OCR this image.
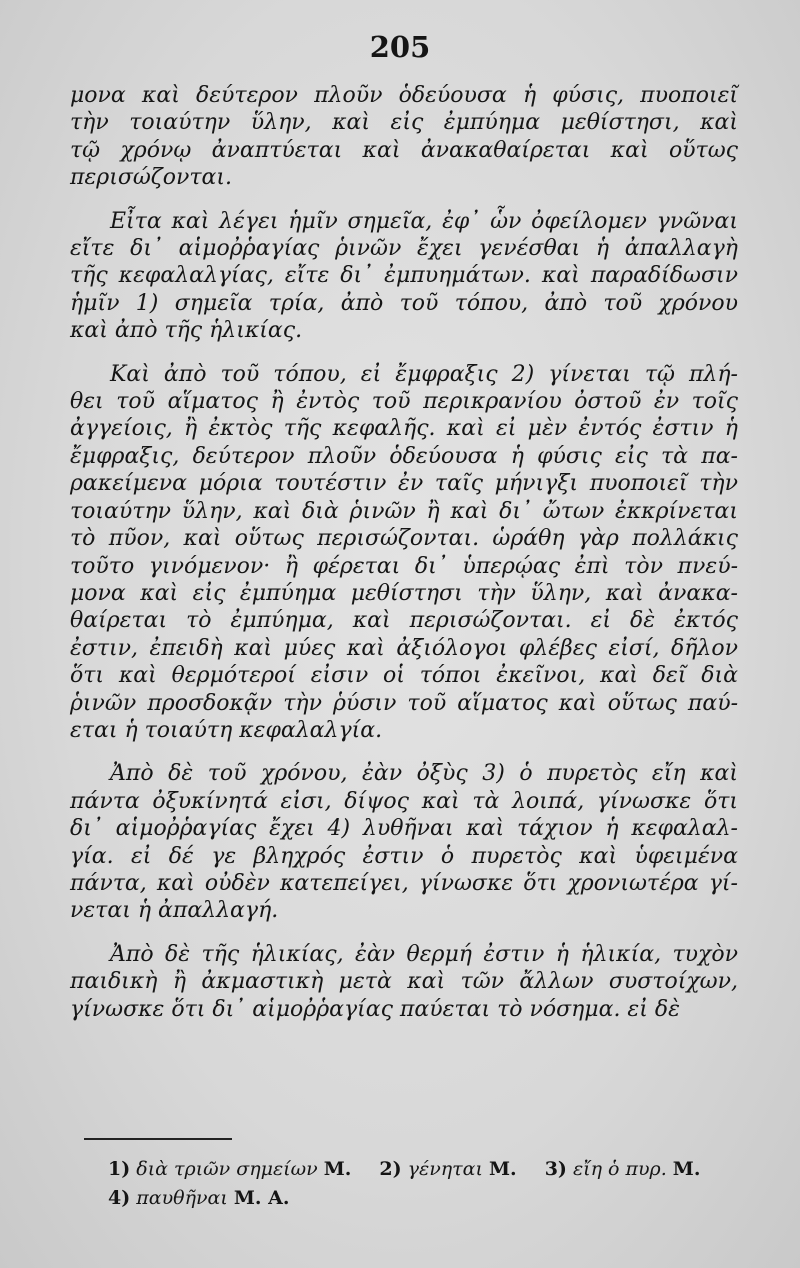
205
μονα καὶ δεύτερον πλοῦν ὁδεύουσα ἡ φύσις, πυοποιεῖ
τὴν τοιαύτην ὕλην, καὶ εἰς ἐμπύημα μεθίστησι, καὶ
τῷ χρόνῳ ἀναπτύεται καὶ ἀνακαθαίρεται καὶ οὕτως
περισώζονται.
Εἶτα καὶ λέγει ἡμῖν σημεῖα, ἐφ᾽ ὧν ὀφείλομεν γνῶναι
εἴτε δι᾽ αἱμοῤῥαγίας ῥινῶν ἔχει γενέσθαι ἡ ἀπαλλαγὴ
τῆς κεφαλαλγίας, εἴτε δι᾽ ἐμπυημάτων. καὶ παραδίδωσιν
ἡμῖν 1) σημεῖα τρία, ἀπὸ τοῦ τόπου, ἀπὸ τοῦ χρόνου
καὶ ἀπὸ τῆς ἡλικίας.
Καὶ ἀπὸ τοῦ τόπου, εἰ ἔμφραξις 2) γίνεται τῷ πλή-
θει τοῦ αἵματος ἢ ἐντὸς τοῦ περικρανίου ὀστοῦ ἐν τοῖς
ἀγγείοις, ἢ ἐκτὸς τῆς κεφαλῆς. καὶ εἰ μὲν ἐντός ἐστιν ἡ
ἔμφραξις, δεύτερον πλοῦν ὁδεύουσα ἡ φύσις εἰς τὰ πα-
ρακείμενα μόρια τουτέστιν ἐν ταῖς μήνιγξι πυοποιεῖ τὴν
τοιαύτην ὕλην, καὶ διὰ ῥινῶν ἢ καὶ δι᾽ ὤτων ἐκκρίνεται
τὸ πῦον, καὶ οὕτως περισώζονται. ὡράθη γὰρ πολλάκις
τοῦτο γινόμενον· ἢ φέρεται δι᾽ ὑπερῴας ἐπὶ τὸν πνεύ-
μονα καὶ εἰς ἐμπύημα μεθίστησι τὴν ὕλην, καὶ ἀνακα-
θαίρεται τὸ ἐμπύημα, καὶ περισώζονται. εἰ δὲ ἐκτός
ἐστιν, ἐπειδὴ καὶ μύες καὶ ἀξιόλογοι φλέβες εἰσί, δῆλον
ὅτι καὶ θερμότεροί εἰσιν οἱ τόποι ἐκεῖνοι, καὶ δεῖ διὰ
ῥινῶν προσδοκᾷν τὴν ῥύσιν τοῦ αἵματος καὶ οὕτως παύ-
εται ἡ τοιαύτη κεφαλαλγία.
Ἀπὸ δὲ τοῦ χρόνου, ἐὰν ὀξὺς 3) ὁ πυρετὸς εἴη καὶ
πάντα ὀξυκίνητά εἰσι, δίψος καὶ τὰ λοιπά, γίνωσκε ὅτι
δι᾽ αἱμοῤῥαγίας ἔχει 4) λυθῆναι καὶ τάχιον ἡ κεφαλαλ-
γία. εἰ δέ γε βληχρός ἐστιν ὁ πυρετὸς καὶ ὑφειμένα
πάντα, καὶ οὐδὲν κατεπείγει, γίνωσκε ὅτι χρονιωτέρα γί-
νεται ἡ ἀπαλλαγή.
Ἀπὸ δὲ τῆς ἡλικίας, ἐὰν θερμή ἐστιν ἡ ἡλικία, τυχὸν
παιδικὴ ἢ ἀκμαστικὴ μετὰ καὶ τῶν ἄλλων συστοίχων,
γίνωσκε ὅτι δι᾽ αἱμοῤῥαγίας παύεται τὸ νόσημα. εἰ δὲ
1) διὰ τριῶν σημείων M. 2) γένηται M. 3) εἴη ὁ πυρ. M.
4) παυθῆναι M. A.
